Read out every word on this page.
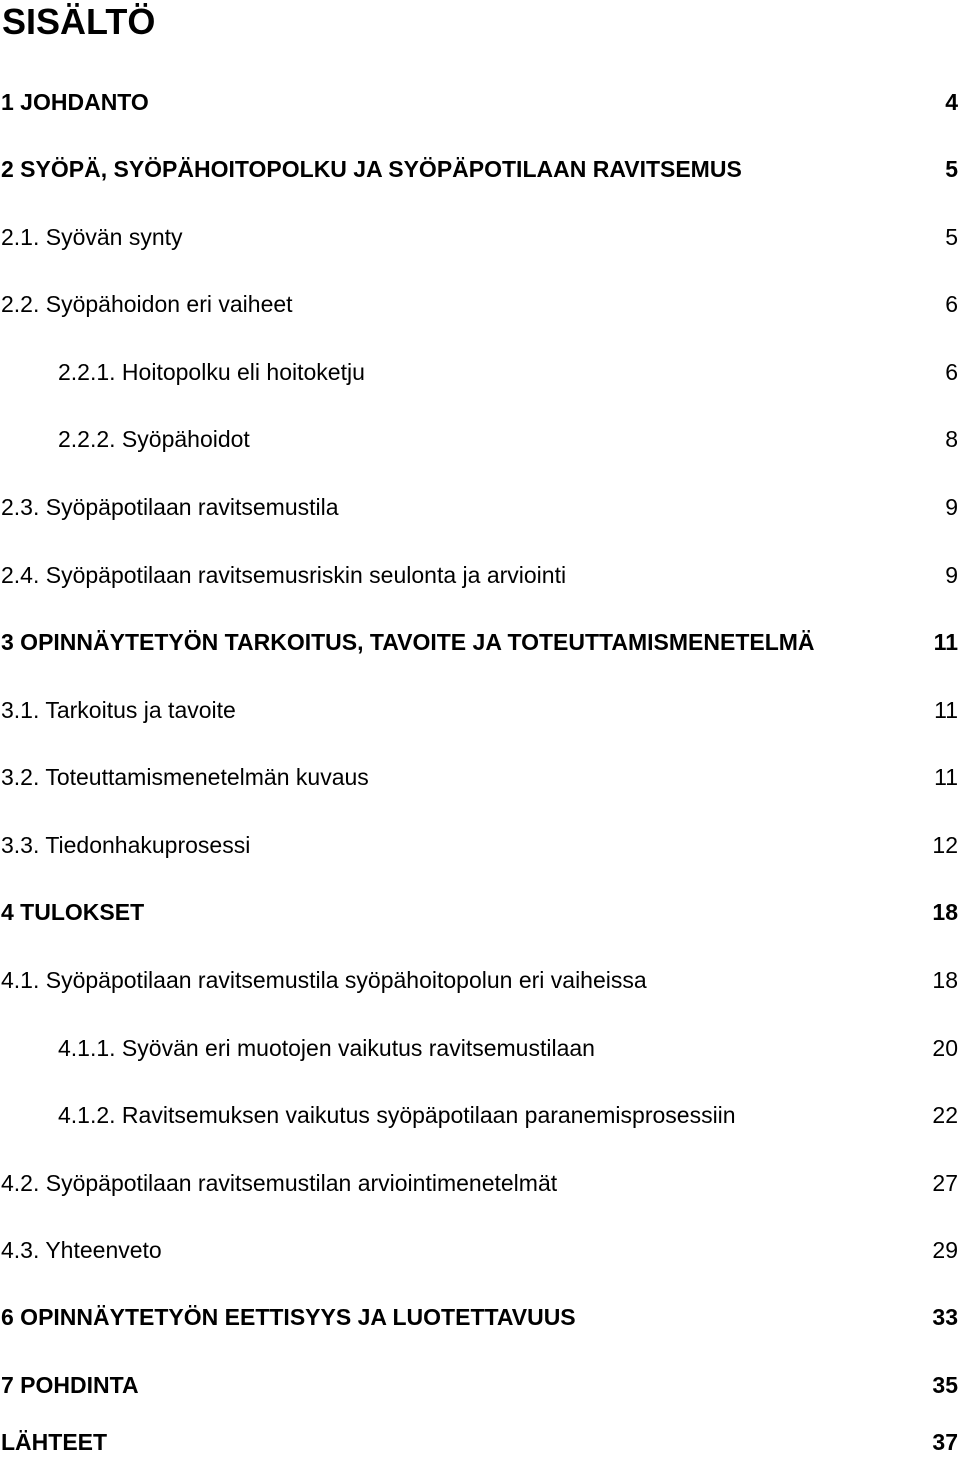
SISÄLTÖ
1 JOHDANTO	4
2 SYÖPÄ, SYÖPÄHOITOPOLKU JA SYÖPÄPOTILAAN RAVITSEMUS	5
2.1. Syövän synty	5
2.2. Syöpähoidon eri vaiheet	6
2.2.1. Hoitopolku eli hoitoketju	6
2.2.2. Syöpähoidot	8
2.3. Syöpäpotilaan ravitsemustila	9
2.4. Syöpäpotilaan ravitsemusriskin seulonta ja arviointi	9
3 OPINNÄYTETYÖN TARKOITUS, TAVOITE JA TOTEUTTAMISMENETELMÄ	11
3.1. Tarkoitus ja tavoite	11
3.2. Toteuttamismenetelmän kuvaus	11
3.3. Tiedonhakuprosessi	12
4 TULOKSET	18
4.1. Syöpäpotilaan ravitsemustila syöpähoitopolun eri vaiheissa	18
4.1.1. Syövän eri muotojen vaikutus ravitsemustilaan	20
4.1.2. Ravitsemuksen vaikutus syöpäpotilaan paranemisprosessiin	22
4.2. Syöpäpotilaan ravitsemustilan arviointimenetelmät	27
4.3. Yhteenveto	29
6 OPINNÄYTETYÖN EETTISYYS JA LUOTETTAVUUS	33
7 POHDINTA	35
LÄHTEET	37
